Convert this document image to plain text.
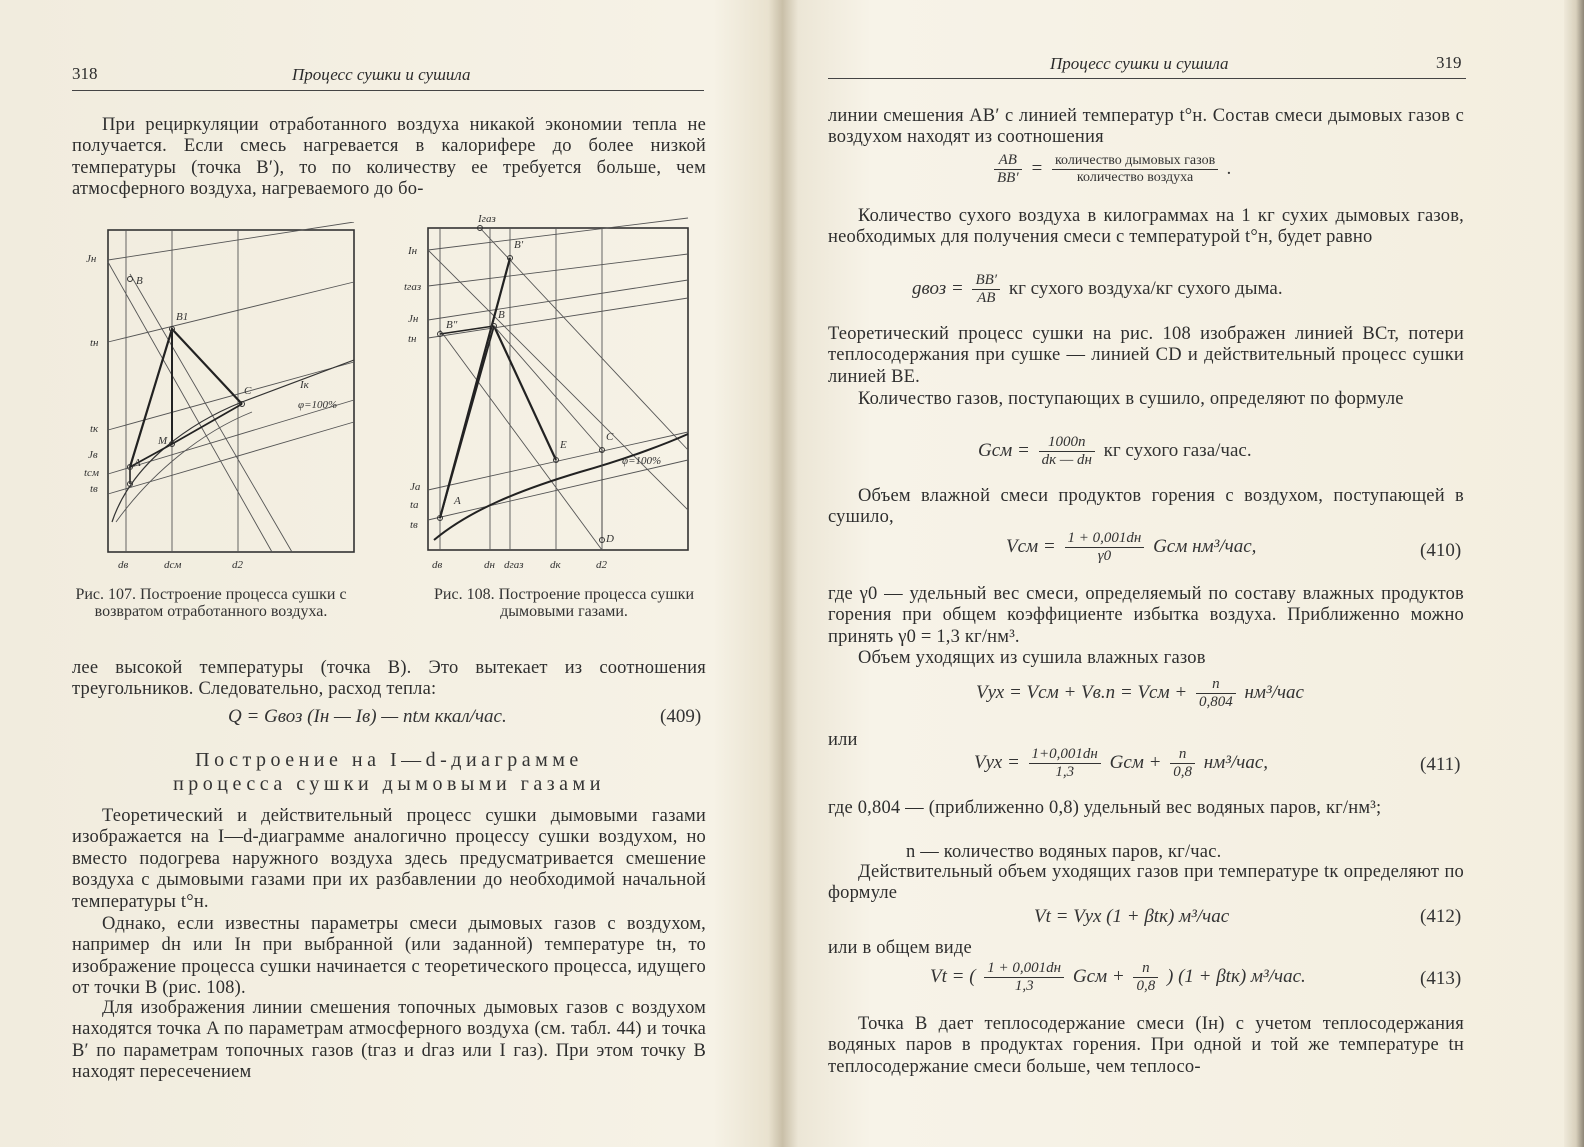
318	Процесс сушки и сушила
При рециркуляции отработанного воздуха никакой экономии тепла не получается. Если смесь нагревается в калорифере до более низкой температуры (точка B′), то по количеству ее требуется больше, чем атмосферного воздуха, нагреваемого до бо-
Jн
tн
tк
Jв
tсм
tв
B
B1
C
M
A
Iк
φ=100%
dв	dсм	d2
Iгаз
Iн
tгаз
Jн
tн
Jа
tа
tв
B′
B
B″
E
C
A
D
φ=100%
dв	dн dгаз dк	d2
Рис. 107. Построение процесса сушки с возвратом отработанного воздуха.
Рис. 108. Построение процесса сушки дымовыми газами.
лее высокой температуры (точка B). Это вытекает из соотношения треугольников. Следовательно, расход тепла:
Q = Gвоз (Iн — Iв) — ntм ккал/час.	(409)
Построение на I—d-диаграмме
процесса сушки дымовыми газами
Теоретический и действительный процесс сушки дымовыми газами изображается на I—d-диаграмме аналогично процессу сушки воздухом, но вместо подогрева наружного воздуха здесь предусматривается смешение воздуха с дымовыми газами при их разбавлении до необходимой начальной температуры t°н.
Однако, если известны параметры смеси дымовых газов с воздухом, например dн или Iн при выбранной (или заданной) температуре tн, то изображение процесса сушки начинается с теоретического процесса, идущего от точки B (рис. 108).
Для изображения линии смешения топочных дымовых газов с воздухом находятся точка A по параметрам атмосферного воздуха (см. табл. 44) и точка B′ по параметрам топочных газов (tгаз и dгаз или I газ). При этом точку B находят пересечением
Процесс сушки и сушила	319
линии смешения AB′ с линией температур t°н. Состав смеси дымовых газов с воздухом находят из соотношения
$\frac{AB}{BB'} = \frac{\text{количество дымовых газов}}{\text{количество воздуха}}$ .
Количество сухого воздуха в килограммах на 1 кг сухих дымовых газов, необходимых для получения смеси с температурой t°н, будет равно
gвоз = $\frac{BB'}{AB}$ кг сухого воздуха/кг сухого дыма.
Теоретический процесс сушки на рис. 108 изображен линией BCт, потери теплосодержания при сушке — линией CD и действительный процесс сушки линией BE.
Количество газов, поступающих в сушило, определяют по формуле
Gсм = $\frac{1000n}{dк — dн}$ кг сухого газа/час.
Объем влажной смеси продуктов горения с воздухом, поступающей в сушило,
Vсм = $\frac{1 + 0,001dн}{\gamma 0}$ Gсм нм³/час,	(410)
где γ0 — удельный вес смеси, определяемый по составу влажных продуктов горения при общем коэффициенте избытка воздуха. Приближенно можно принять γ0 = 1,3 кг/нм³.
Объем уходящих из сушила влажных газов
Vух = Vсм + Vв.п = Vсм + $\frac{n}{0,804} нм^3/час$
или
Vух = $\frac{1+0,001dн}{1,3}$ Gсм + $\frac{n}{0,8} нм^3/час$,	(411)
где 0,804 — (приближенно 0,8) удельный вес водяных паров, кг/нм³;
n — количество водяных паров, кг/час.
Действительный объем уходящих газов при температуре tк определяют по формуле
Vt = Vух (1 + βtк) м³/час	(412)
или в общем виде
Vt = ( $\frac{1 + 0,001dн}{1,3}$ Gсм + $\frac{n}{0,8}$ ) (1 + βtк) м³/час.	(413)
Точка B дает теплосодержание смеси (Iн) с учетом теплосодержания водяных паров в продуктах горения. При одной и той же температуре tн теплосодержание смеси больше, чем теплосо-
